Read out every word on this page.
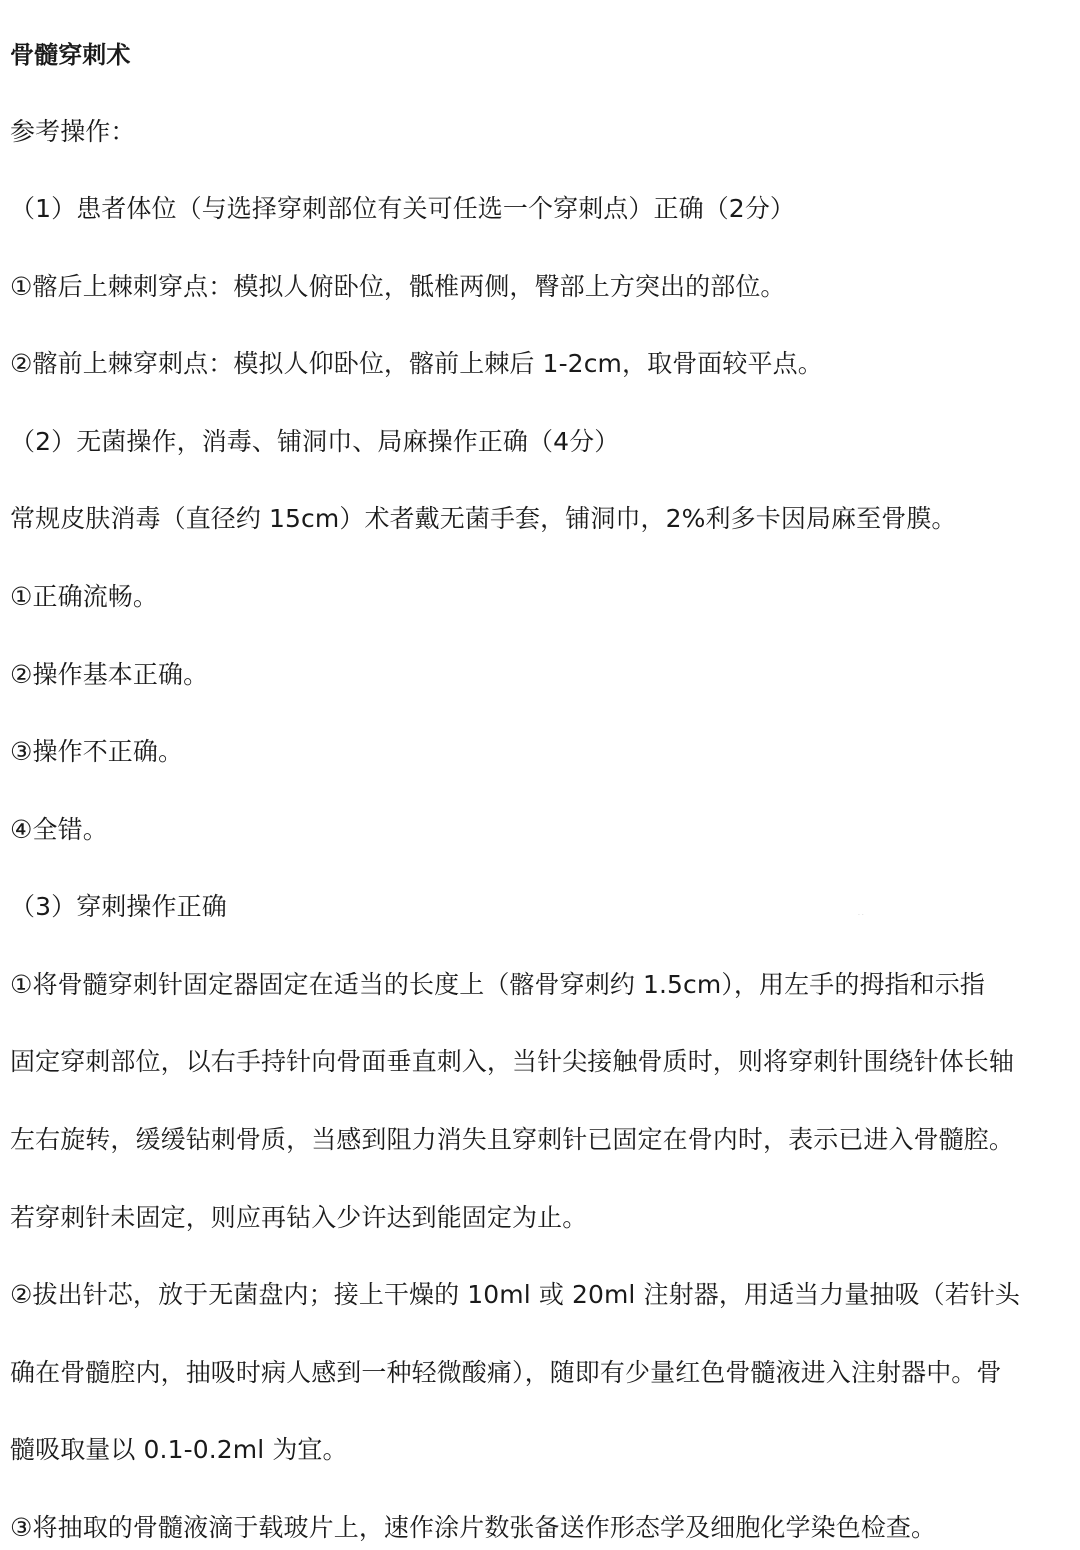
骨髓穿刺术
参考操作：
（1）患者体位（与选择穿刺部位有关可任选一个穿刺点）正确（2分）
①髂后上棘刺穿点：模拟人俯卧位，骶椎两侧，臀部上方突出的部位。
②髂前上棘穿刺点：模拟人仰卧位，髂前上棘后 1-2cm，取骨面较平点。
（2）无菌操作，消毒、铺洞巾、局麻操作正确（4分）
常规皮肤消毒（直径约 15cm）术者戴无菌手套，铺洞巾，2%利多卡因局麻至骨膜。
①正确流畅。
②操作基本正确。
③操作不正确。
④全错。
（3）穿刺操作正确
①将骨髓穿刺针固定器固定在适当的长度上（髂骨穿刺约 1.5cm），用左手的拇指和示指
固定穿刺部位，以右手持针向骨面垂直刺入，当针尖接触骨质时，则将穿刺针围绕针体长轴
左右旋转，缓缓钻刺骨质，当感到阻力消失且穿刺针已固定在骨内时，表示已进入骨髓腔。
若穿刺针未固定，则应再钻入少许达到能固定为止。
②拔出针芯，放于无菌盘内；接上干燥的 10ml 或 20ml 注射器，用适当力量抽吸（若针头
确在骨髓腔内，抽吸时病人感到一种轻微酸痛），随即有少量红色骨髓液进入注射器中。骨
髓吸取量以 0.1-0.2ml 为宜。
③将抽取的骨髓液滴于载玻片上，速作涂片数张备送作形态学及细胞化学染色检查。
· ·
